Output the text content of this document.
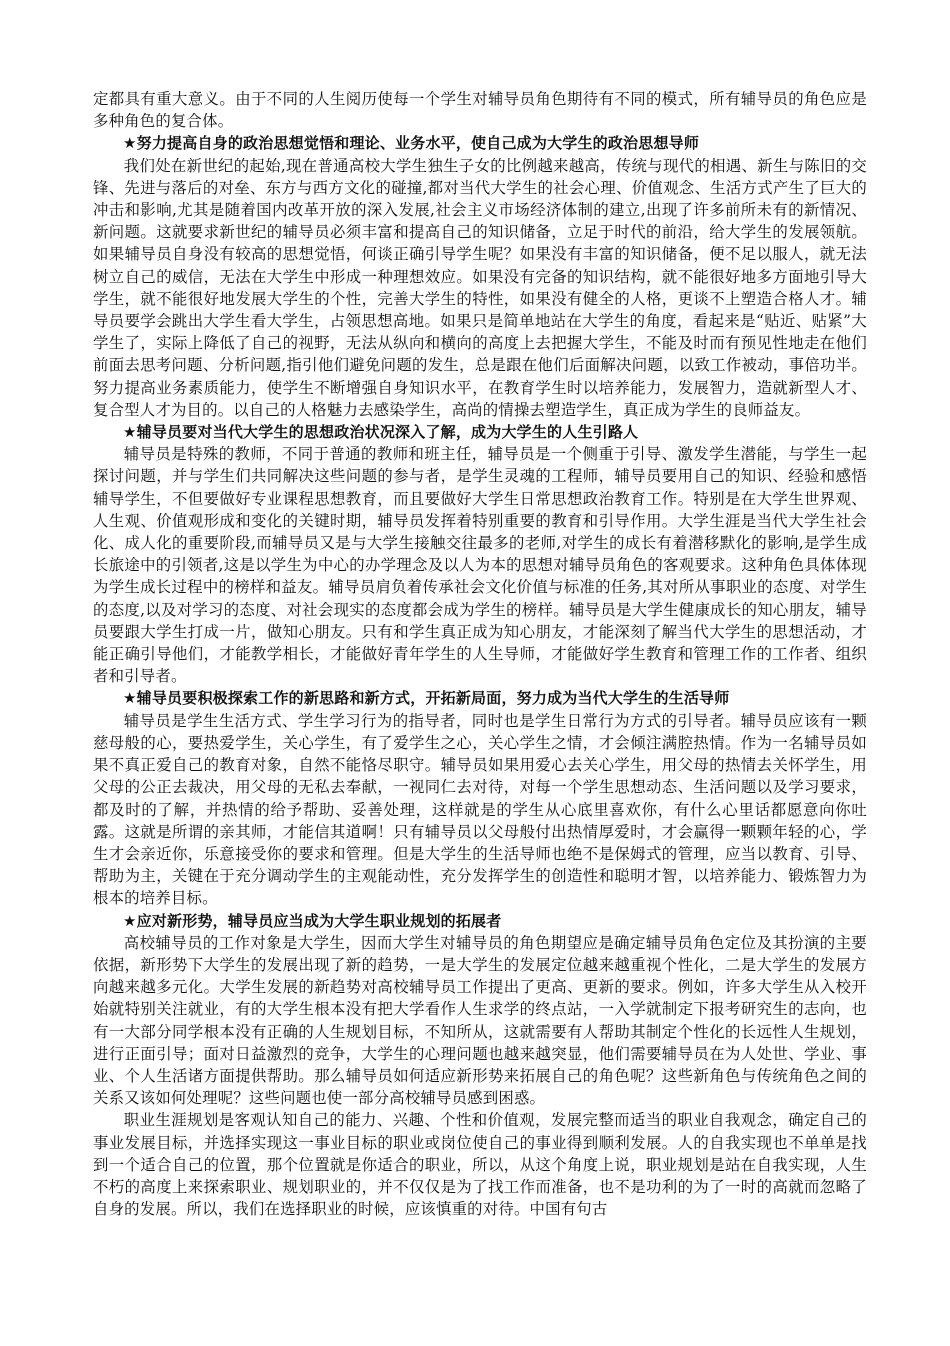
定都具有重大意义。由于不同的人生阅历使每一个学生对辅导员角色期待有不同的模式，所有辅导员的角色应是多种角色的复合体。

★努力提高自身的政治思想觉悟和理论、业务水平，使自己成为大学生的政治思想导师

我们处在新世纪的起始,现在普通高校大学生独生子女的比例越来越高，传统与现代的相遇、新生与陈旧的交锋、先进与落后的对垒、东方与西方文化的碰撞,都对当代大学生的社会心理、价值观念、生活方式产生了巨大的冲击和影响,尤其是随着国内改革开放的深入发展,社会主义市场经济体制的建立,出现了许多前所未有的新情况、新问题。这就要求新世纪的辅导员必须丰富和提高自己的知识储备，立足于时代的前沿，给大学生的发展领航。如果辅导员自身没有较高的思想觉悟，何谈正确引导学生呢？如果没有丰富的知识储备，便不足以服人，就无法树立自己的威信，无法在大学生中形成一种理想效应。如果没有完备的知识结构，就不能很好地多方面地引导大学生，就不能很好地发展大学生的个性，完善大学生的特性，如果没有健全的人格，更谈不上塑造合格人才。辅导员要学会跳出大学生看大学生，占领思想高地。如果只是简单地站在大学生的角度，看起来是“贴近、贴紧”大学生了，实际上降低了自己的视野，无法从纵向和横向的高度上去把握大学生，不能及时而有预见性地走在他们前面去思考问题、分析问题,指引他们避免问题的发生，总是跟在他们后面解决问题，以致工作被动，事倍功半。努力提高业务素质能力，使学生不断增强自身知识水平，在教育学生时以培养能力，发展智力，造就新型人才、复合型人才为目的。以自己的人格魅力去感染学生，高尚的情操去塑造学生，真正成为学生的良师益友。

★辅导员要对当代大学生的思想政治状况深入了解，成为大学生的人生引路人

辅导员是特殊的教师，不同于普通的教师和班主任，辅导员是一个侧重于引导、激发学生潜能，与学生一起探讨问题，并与学生们共同解决这些问题的参与者，是学生灵魂的工程师，辅导员要用自己的知识、经验和感悟辅导学生，不但要做好专业课程思想教育，而且要做好大学生日常思想政治教育工作。特别是在大学生世界观、人生观、价值观形成和变化的关键时期，辅导员发挥着特别重要的教育和引导作用。大学生涯是当代大学生社会化、成人化的重要阶段,而辅导员又是与大学生接触交往最多的老师,对学生的成长有着潜移默化的影响,是学生成长旅途中的引领者,这是以学生为中心的办学理念及以人为本的思想对辅导员角色的客观要求。这种角色具体体现为学生成长过程中的榜样和益友。辅导员肩负着传承社会文化价值与标准的任务,其对所从事职业的态度、对学生的态度,以及对学习的态度、对社会现实的态度都会成为学生的榜样。辅导员是大学生健康成长的知心朋友，辅导员要跟大学生打成一片，做知心朋友。只有和学生真正成为知心朋友，才能深刻了解当代大学生的思想活动，才能正确引导他们，才能教学相长，才能做好青年学生的人生导师，才能做好学生教育和管理工作的工作者、组织者和引导者。

★辅导员要积极探索工作的新思路和新方式，开拓新局面，努力成为当代大学生的生活导师

辅导员是学生生活方式、学生学习行为的指导者，同时也是学生日常行为方式的引导者。辅导员应该有一颗慈母般的心，要热爱学生，关心学生，有了爱学生之心，关心学生之情，才会倾注满腔热情。作为一名辅导员如果不真正爱自己的教育对象，自然不能恪尽职守。辅导员如果用爱心去关心学生，用父母的热情去关怀学生，用父母的公正去裁决，用父母的无私去奉献，一视同仁去对待，对每一个学生思想动态、生活问题以及学习要求，都及时的了解，并热情的给予帮助、妥善处理，这样就是的学生从心底里喜欢你，有什么心里话都愿意向你吐露。这就是所谓的亲其师，才能信其道啊！只有辅导员以父母般付出热情厚爱时，才会赢得一颗颗年轻的心，学生才会亲近你，乐意接受你的要求和管理。但是大学生的生活导师也绝不是保姆式的管理，应当以教育、引导、帮助为主，关键在于充分调动学生的主观能动性，充分发挥学生的创造性和聪明才智，以培养能力、锻炼智力为根本的培养目标。

★应对新形势，辅导员应当成为大学生职业规划的拓展者

高校辅导员的工作对象是大学生，因而大学生对辅导员的角色期望应是确定辅导员角色定位及其扮演的主要依据，新形势下大学生的发展出现了新的趋势，一是大学生的发展定位越来越重视个性化，二是大学生的发展方向越来越多元化。大学生发展的新趋势对高校辅导员工作提出了更高、更新的要求。例如，许多大学生从入校开始就特别关注就业，有的大学生根本没有把大学看作人生求学的终点站，一入学就制定下报考研究生的志向，也有一大部分同学根本没有正确的人生规划目标，不知所从，这就需要有人帮助其制定个性化的长远性人生规划，进行正面引导；面对日益激烈的竞争，大学生的心理问题也越来越突显，他们需要辅导员在为人处世、学业、事业、个人生活诸方面提供帮助。那么辅导员如何适应新形势来拓展自己的角色呢？这些新角色与传统角色之间的关系又该如何处理呢？这些问题也使一部分高校辅导员感到困惑。

职业生涯规划是客观认知自己的能力、兴趣、个性和价值观，发展完整而适当的职业自我观念，确定自己的事业发展目标，并选择实现这一事业目标的职业或岗位使自己的事业得到顺利发展。人的自我实现也不单单是找到一个适合自己的位置，那个位置就是你适合的职业，所以，从这个角度上说，职业规划是站在自我实现，人生不朽的高度上来探索职业、规划职业的，并不仅仅是为了找工作而准备，也不是功利的为了一时的高就而忽略了自身的发展。所以，我们在选择职业的时候，应该慎重的对待。中国有句古
